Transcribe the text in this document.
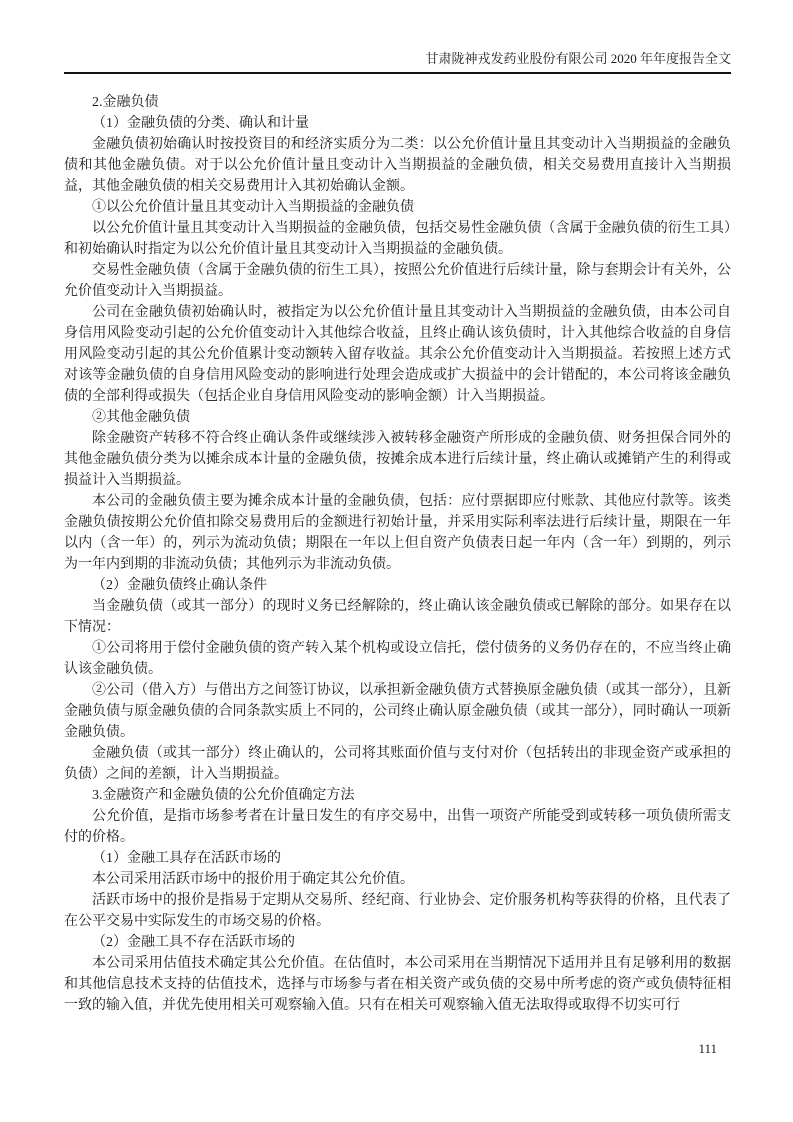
甘肃陇神戎发药业股份有限公司 2020 年年度报告全文

2.金融负债

（1）金融负债的分类、确认和计量

金融负债初始确认时按投资目的和经济实质分为二类：以公允价值计量且其变动计入当期损益的金融负债和其他金融负债。对于以公允价值计量且变动计入当期损益的金融负债，相关交易费用直接计入当期损益，其他金融负债的相关交易费用计入其初始确认金额。

①以公允价值计量且其变动计入当期损益的金融负债

以公允价值计量且其变动计入当期损益的金融负债，包括交易性金融负债（含属于金融负债的衍生工具）和初始确认时指定为以公允价值计量且其变动计入当期损益的金融负债。

交易性金融负债（含属于金融负债的衍生工具），按照公允价值进行后续计量，除与套期会计有关外，公允价值变动计入当期损益。

公司在金融负债初始确认时，被指定为以公允价值计量且其变动计入当期损益的金融负债，由本公司自身信用风险变动引起的公允价值变动计入其他综合收益，且终止确认该负债时，计入其他综合收益的自身信用风险变动引起的其公允价值累计变动额转入留存收益。其余公允价值变动计入当期损益。若按照上述方式对该等金融负债的自身信用风险变动的影响进行处理会造成或扩大损益中的会计错配的，本公司将该金融负债的全部利得或损失（包括企业自身信用风险变动的影响金额）计入当期损益。

②其他金融负债

除金融资产转移不符合终止确认条件或继续涉入被转移金融资产所形成的金融负债、财务担保合同外的其他金融负债分类为以摊余成本计量的金融负债，按摊余成本进行后续计量，终止确认或摊销产生的利得或损益计入当期损益。

本公司的金融负债主要为摊余成本计量的金融负债，包括：应付票据即应付账款、其他应付款等。该类金融负债按期公允价值扣除交易费用后的金额进行初始计量，并采用实际利率法进行后续计量，期限在一年以内（含一年）的，列示为流动负债；期限在一年以上但自资产负债表日起一年内（含一年）到期的，列示为一年内到期的非流动负债；其他列示为非流动负债。

（2）金融负债终止确认条件

当金融负债（或其一部分）的现时义务已经解除的，终止确认该金融负债或已解除的部分。如果存在以下情况：

①公司将用于偿付金融负债的资产转入某个机构或设立信托，偿付债务的义务仍存在的，不应当终止确认该金融负债。

②公司（借入方）与借出方之间签订协议，以承担新金融负债方式替换原金融负债（或其一部分），且新金融负债与原金融负债的合同条款实质上不同的，公司终止确认原金融负债（或其一部分），同时确认一项新金融负债。

金融负债（或其一部分）终止确认的，公司将其账面价值与支付对价（包括转出的非现金资产或承担的负债）之间的差额，计入当期损益。

3.金融资产和金融负债的公允价值确定方法

公允价值，是指市场参考者在计量日发生的有序交易中，出售一项资产所能受到或转移一项负债所需支付的价格。

（1）金融工具存在活跃市场的

本公司采用活跃市场中的报价用于确定其公允价值。

活跃市场中的报价是指易于定期从交易所、经纪商、行业协会、定价服务机构等获得的价格，且代表了在公平交易中实际发生的市场交易的价格。

（2）金融工具不存在活跃市场的

本公司采用估值技术确定其公允价值。在估值时，本公司采用在当期情况下适用并且有足够利用的数据和其他信息技术支持的估值技术，选择与市场参与者在相关资产或负债的交易中所考虑的资产或负债特征相一致的输入值，并优先使用相关可观察输入值。只有在相关可观察输入值无法取得或取得不切实可行

111
